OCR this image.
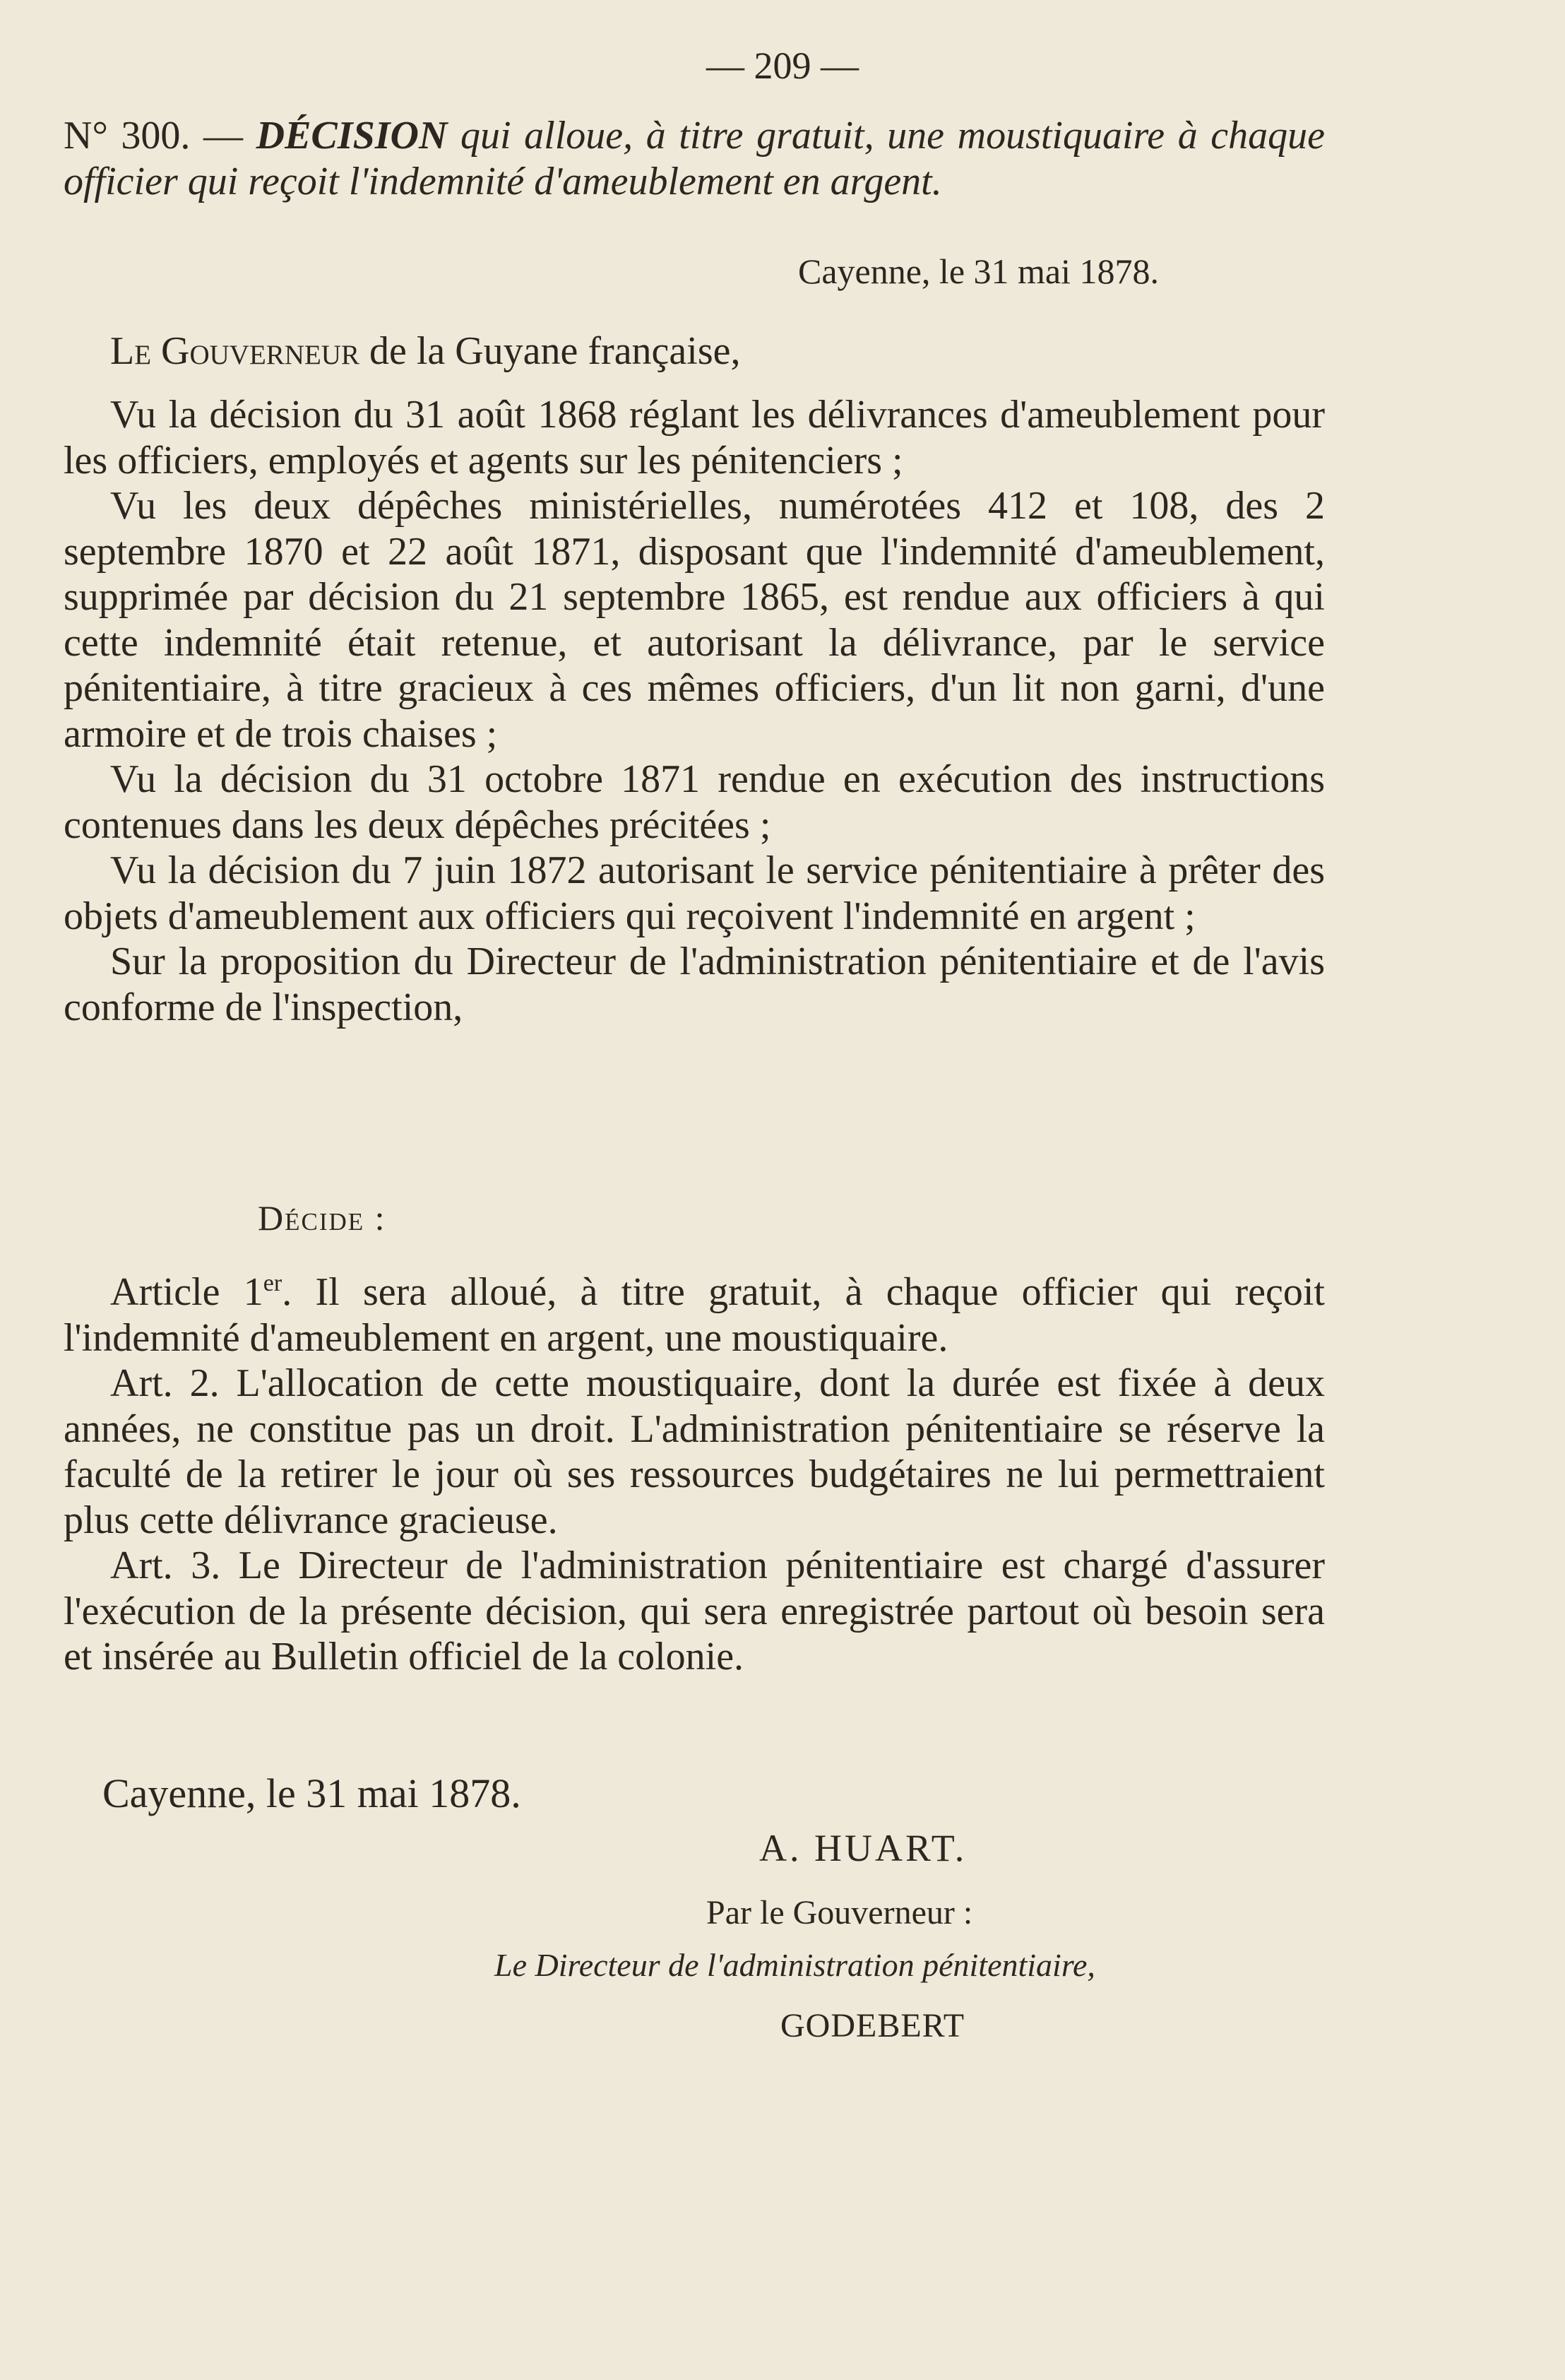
— 209 —
N° 300. — DÉCISION qui alloue, à titre gratuit, une moustiquaire à chaque officier qui reçoit l'indemnité d'ameublement en argent.
Cayenne, le 31 mai 1878.
Le Gouverneur de la Guyane française,

Vu la décision du 31 août 1868 réglant les délivrances d'ameublement pour les officiers, employés et agents sur les pénitenciers ;

Vu les deux dépêches ministérielles, numérotées 412 et 108, des 2 septembre 1870 et 22 août 1871, disposant que l'indemnité d'ameublement, supprimée par décision du 21 septembre 1865, est rendue aux officiers à qui cette indemnité était retenue, et autorisant la délivrance, par le service pénitentiaire, à titre gracieux à ces mêmes officiers, d'un lit non garni, d'une armoire et de trois chaises ;

Vu la décision du 31 octobre 1871 rendue en exécution des instructions contenues dans les deux dépêches précitées ;

Vu la décision du 7 juin 1872 autorisant le service pénitentiaire à prêter des objets d'ameublement aux officiers qui reçoivent l'indemnité en argent ;

Sur la proposition du Directeur de l'administration pénitentiaire et de l'avis conforme de l'inspection,

Décide :

Article 1er. Il sera alloué, à titre gratuit, à chaque officier qui reçoit l'indemnité d'ameublement en argent, une moustiquaire.

Art. 2. L'allocation de cette moustiquaire, dont la durée est fixée à deux années, ne constitue pas un droit. L'administration pénitentiaire se réserve la faculté de la retirer le jour où ses ressources budgétaires ne lui permettraient plus cette délivrance gracieuse.

Art. 3. Le Directeur de l'administration pénitentiaire est chargé d'assurer l'exécution de la présente décision, qui sera enregistrée partout où besoin sera et insérée au Bulletin officiel de la colonie.

Cayenne, le 31 mai 1878.
A. HUART.
Par le Gouverneur :
Le Directeur de l'administration pénitentiaire,
GODEBERT
